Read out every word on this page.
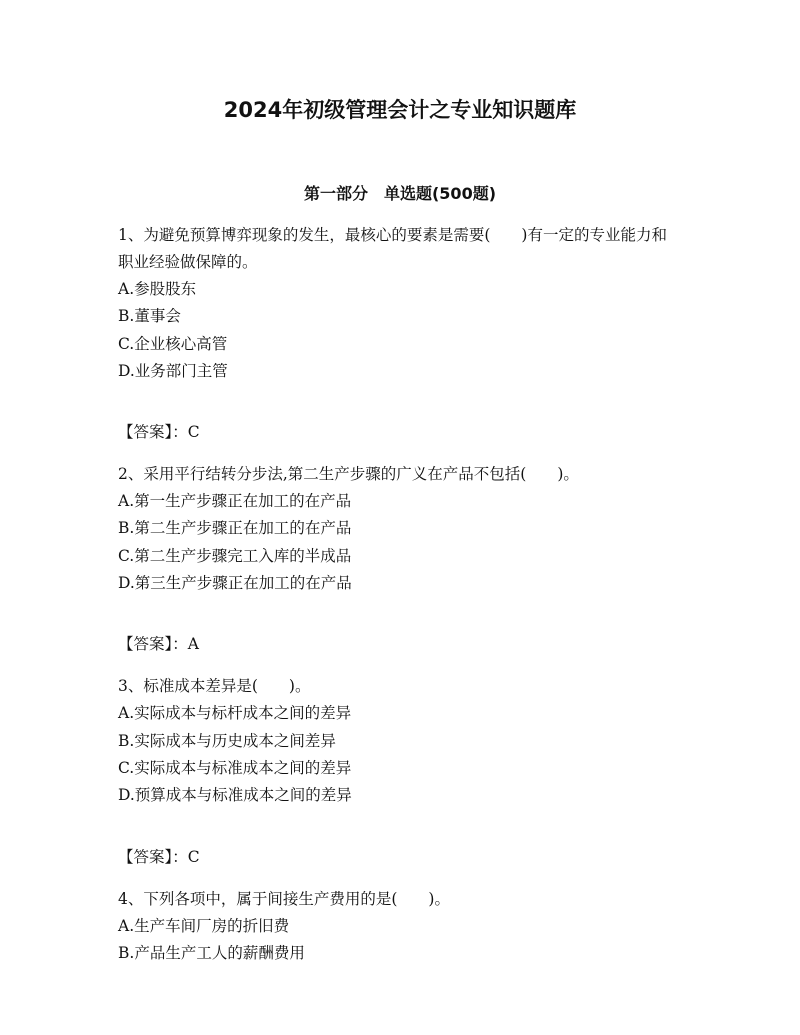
2024年初级管理会计之专业知识题库
第一部分　单选题(500题)

1、为避免预算博弈现象的发生，最核心的要素是需要(　　)有一定的专业能力和职业经验做保障的。

A.参股股东

B.董事会

C.企业核心高管

D.业务部门主管

【答案】：C

2、采用平行结转分步法,第二生产步骤的广义在产品不包括(　　)。

A.第一生产步骤正在加工的在产品

B.第二生产步骤正在加工的在产品

C.第二生产步骤完工入库的半成品

D.第三生产步骤正在加工的在产品

【答案】：A

3、标准成本差异是(　　)。

A.实际成本与标杆成本之间的差异

B.实际成本与历史成本之间差异

C.实际成本与标准成本之间的差异

D.预算成本与标准成本之间的差异

【答案】：C

4、下列各项中，属于间接生产费用的是(　　)。

A.生产车间厂房的折旧费

B.产品生产工人的薪酬费用
